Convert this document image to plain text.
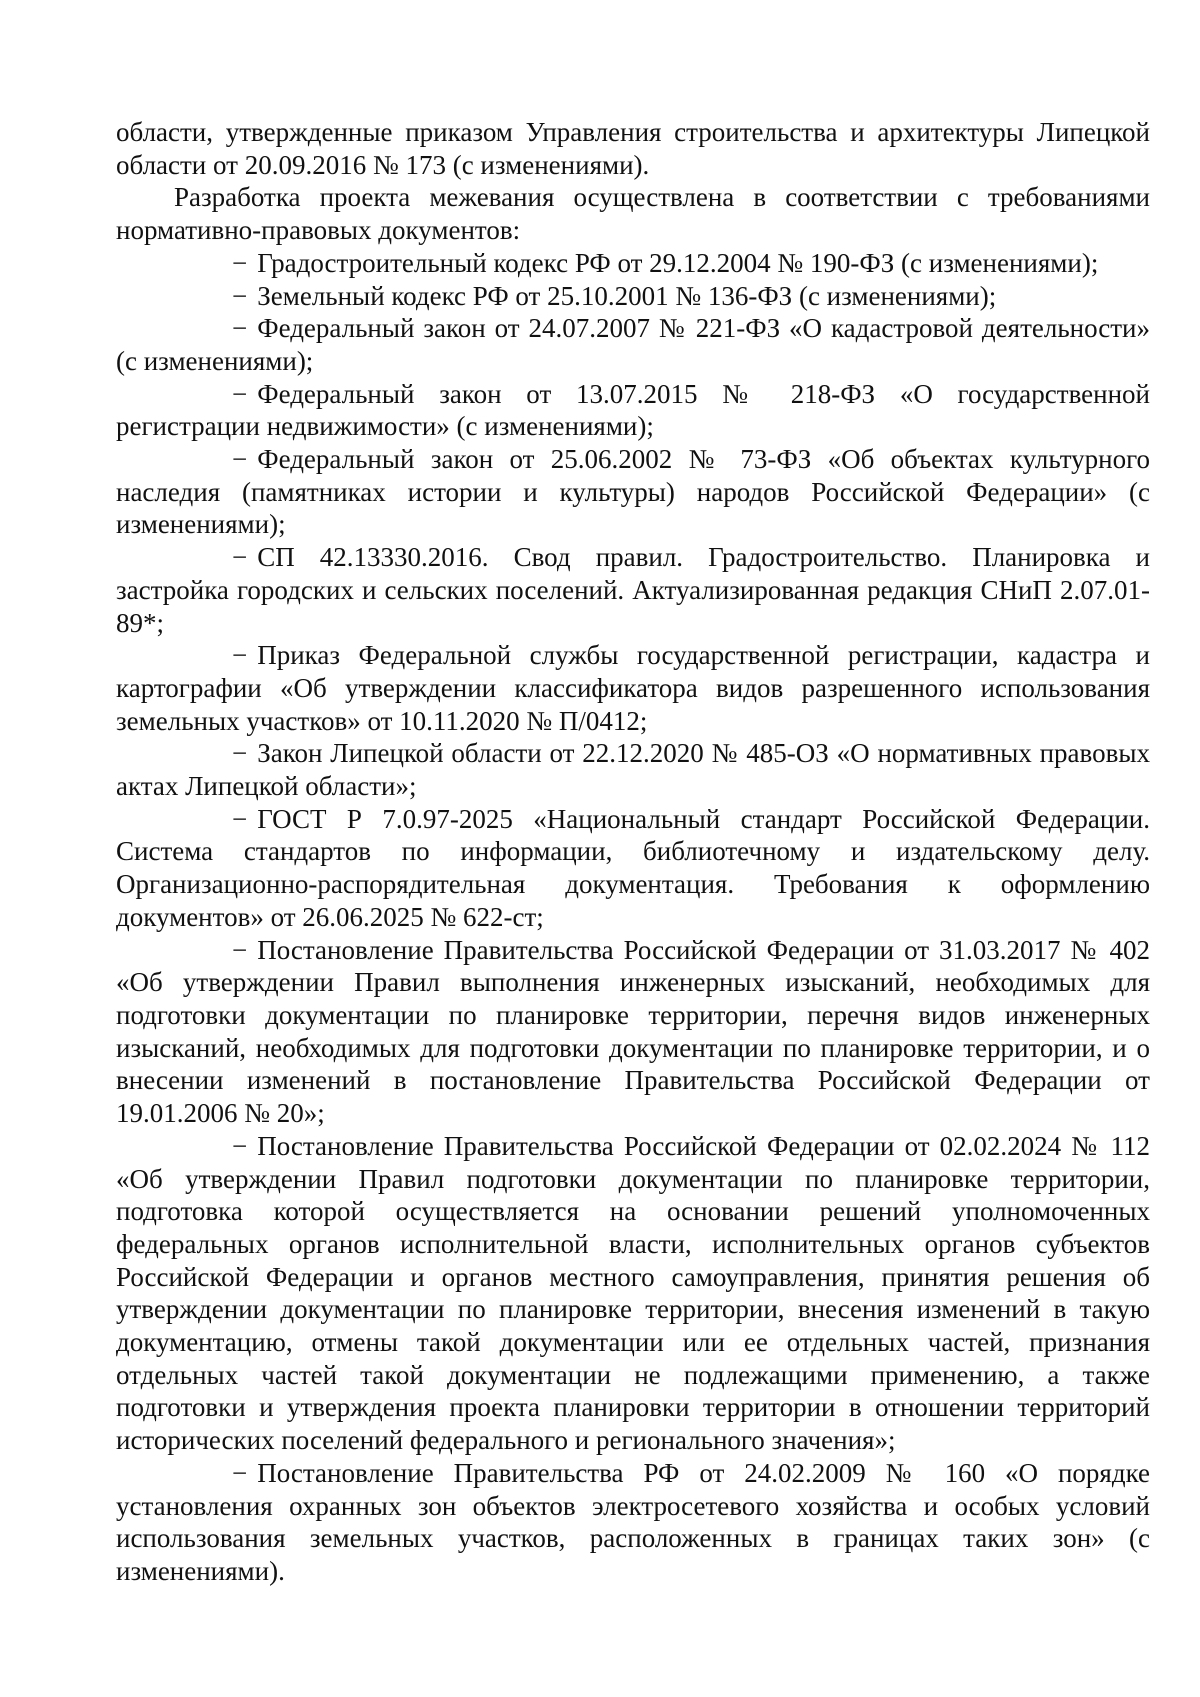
области, утвержденные приказом Управления строительства и архитектуры Липецкой области от 20.09.2016 № 173 (с изменениями).

Разработка проекта межевания осуществлена в соответствии с требованиями нормативно-правовых документов:

− Градостроительный кодекс РФ от 29.12.2004 № 190-ФЗ (с изменениями);

− Земельный кодекс РФ от 25.10.2001 № 136-ФЗ (с изменениями);

− Федеральный закон от 24.07.2007 № 221-ФЗ «О кадастровой деятельности» (с изменениями);

− Федеральный закон от 13.07.2015 № 218-ФЗ «О государственной регистрации недвижимости» (с изменениями);

− Федеральный закон от 25.06.2002 № 73-ФЗ «Об объектах культурного наследия (памятниках истории и культуры) народов Российской Федерации» (с изменениями);

− СП 42.13330.2016. Свод правил. Градостроительство. Планировка и застройка городских и сельских поселений. Актуализированная редакция СНиП 2.07.01-89*;

− Приказ Федеральной службы государственной регистрации, кадастра и картографии «Об утверждении классификатора видов разрешенного использования земельных участков» от 10.11.2020 № П/0412;

− Закон Липецкой области от 22.12.2020 № 485-ОЗ «О нормативных правовых актах Липецкой области»;

− ГОСТ Р 7.0.97-2025 «Национальный стандарт Российской Федерации. Система стандартов по информации, библиотечному и издательскому делу. Организационно-распорядительная документация. Требования к оформлению документов» от 26.06.2025 № 622-ст;

− Постановление Правительства Российской Федерации от 31.03.2017 № 402 «Об утверждении Правил выполнения инженерных изысканий, необходимых для подготовки документации по планировке территории, перечня видов инженерных изысканий, необходимых для подготовки документации по планировке территории, и о внесении изменений в постановление Правительства Российской Федерации от 19.01.2006 № 20»;

− Постановление Правительства Российской Федерации от 02.02.2024 № 112 «Об утверждении Правил подготовки документации по планировке территории, подготовка которой осуществляется на основании решений уполномоченных федеральных органов исполнительной власти, исполнительных органов субъектов Российской Федерации и органов местного самоуправления, принятия решения об утверждении документации по планировке территории, внесения изменений в такую документацию, отмены такой документации или ее отдельных частей, признания отдельных частей такой документации не подлежащими применению, а также подготовки и утверждения проекта планировки территории в отношении территорий исторических поселений федерального и регионального значения»;

− Постановление Правительства РФ от 24.02.2009 № 160 «О порядке установления охранных зон объектов электросетевого хозяйства и особых условий использования земельных участков, расположенных в границах таких зон» (с изменениями).
